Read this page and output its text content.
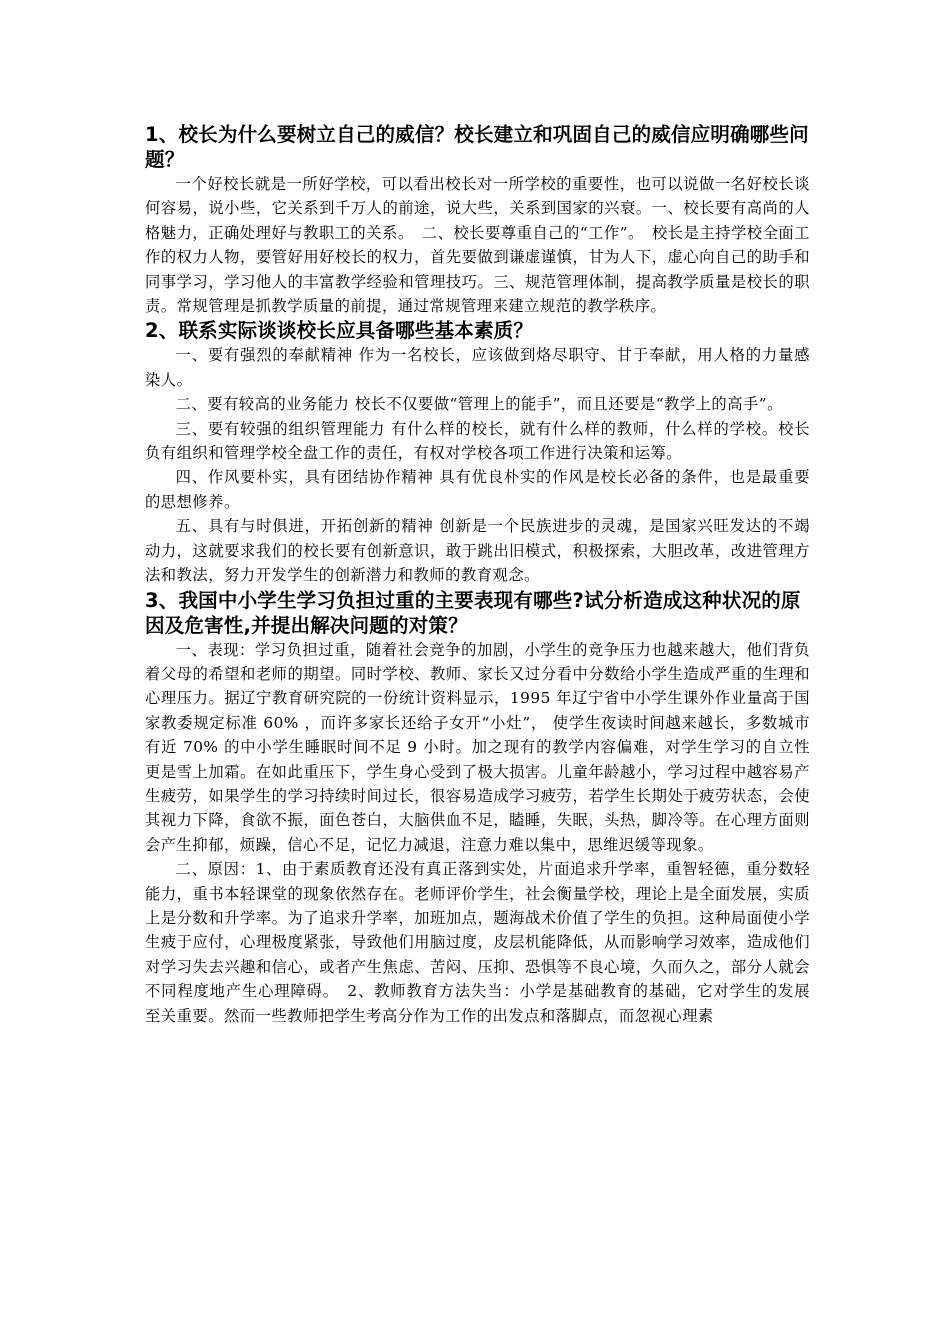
1、校长为什么要树立自己的威信？校长建立和巩固自己的威信应明确哪些问题？

一个好校长就是一所好学校，可以看出校长对一所学校的重要性，也可以说做一名好校长谈何容易，说小些，它关系到千万人的前途，说大些，关系到国家的兴衰。一、校长要有高尚的人格魅力，正确处理好与教职工的关系。　二、校长要尊重自己的“工作”。　校长是主持学校全面工作的权力人物，要管好用好校长的权力，首先要做到谦虚谨慎，甘为人下，虚心向自己的助手和同事学习，学习他人的丰富教学经验和管理技巧。三、规范管理体制，提高教学质量是校长的职责。常规管理是抓教学质量的前提，通过常规管理来建立规范的教学秩序。

2、联系实际谈谈校长应具备哪些基本素质？

一、要有强烈的奉献精神 作为一名校长，应该做到烙尽职守、甘于奉献，用人格的力量感染人。

二、要有较高的业务能力 校长不仅要做“管理上的能手”，而且还要是“教学上的高手”。

三、要有较强的组织管理能力 有什么样的校长，就有什么样的教师，什么样的学校。校长负有组织和管理学校全盘工作的责任，有权对学校各项工作进行决策和运筹。

四、作风要朴实，具有团结协作精神 具有优良朴实的作风是校长必备的条件，也是最重要的思想修养。

五、具有与时俱进，开拓创新的精神 创新是一个民族进步的灵魂，是国家兴旺发达的不竭动力，这就要求我们的校长要有创新意识，敢于跳出旧模式，积极探索，大胆改革，改进管理方法和教法，努力开发学生的创新潜力和教师的教育观念。

3、我国中小学生学习负担过重的主要表现有哪些?试分析造成这种状况的原因及危害性,并提出解决问题的对策？

一、表现：学习负担过重，随着社会竞争的加剧，小学生的竞争压力也越来越大，他们背负着父母的希望和老师的期望。同时学校、教师、家长又过分看中分数给小学生造成严重的生理和心理压力。据辽宁教育研究院的一份统计资料显示，1995 年辽宁省中小学生课外作业量高于国家教委规定标准 60% ，而许多家长还给子女开“小灶”， 使学生夜读时间越来越长，多数城市有近 70% 的中小学生睡眠时间不足 9 小时。加之现有的教学内容偏难，对学生学习的自立性更是雪上加霜。在如此重压下，学生身心受到了极大损害。儿童年龄越小，学习过程中越容易产生疲劳，如果学生的学习持续时间过长，很容易造成学习疲劳，若学生长期处于疲劳状态，会使其视力下降，食欲不振，面色苍白，大脑供血不足，瞌睡，失眠，头热，脚冷等。在心理方面则会产生抑郁，烦躁，信心不足，记忆力减退，注意力难以集中，思维迟缓等现象。

二、原因：1、由于素质教育还没有真正落到实处，片面追求升学率，重智轻德，重分数轻能力，重书本轻课堂的现象依然存在。老师评价学生，社会衡量学校，理论上是全面发展，实质上是分数和升学率。为了追求升学率，加班加点，题海战术价值了学生的负担。这种局面使小学生疲于应付，心理极度紧张，导致他们用脑过度，皮层机能降低，从而影响学习效率，造成他们对学习失去兴趣和信心，或者产生焦虑、苦闷、压抑、恐惧等不良心境，久而久之，部分人就会不同程度地产生心理障碍。　2、教师教育方法失当：小学是基础教育的基础，它对学生的发展至关重要。然而一些教师把学生考高分作为工作的出发点和落脚点，而忽视心理素
